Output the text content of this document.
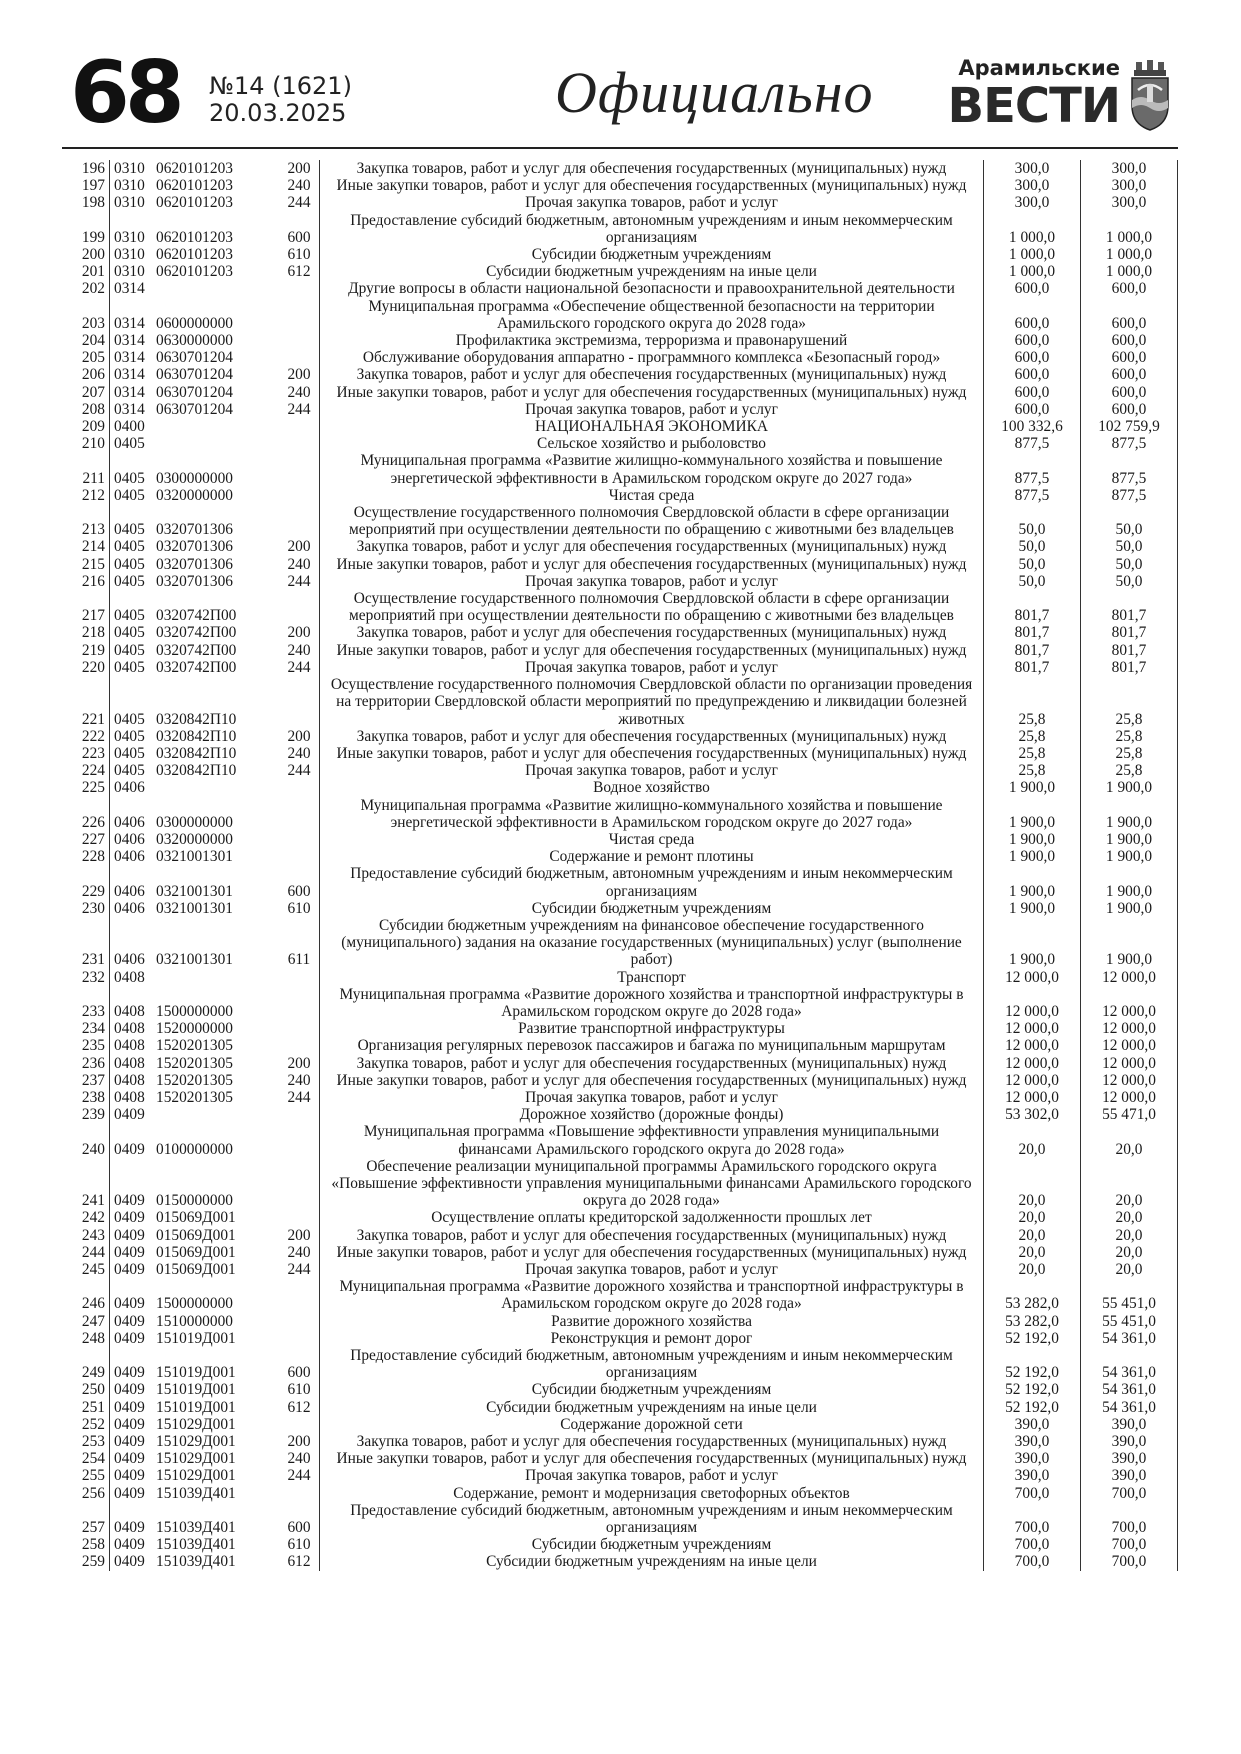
68 №14 (1621)
20.03.2025	Официально	Арамильские
ВЕСТИ
196	0310	0620101203	200	Закупка товаров, работ и услуг для обеспечения государственных (муниципальных) нужд	300,0	300,0
197	0310	0620101203	240	Иные закупки товаров, работ и услуг для обеспечения государственных (муниципальных) нужд	300,0	300,0
198	0310	0620101203	244	Прочая закупка товаров, работ и услуг	300,0	300,0
199	0310	0620101203	600	Предоставление субсидий бюджетным, автономным учреждениям и иным некоммерческим организациям	1 000,0	1 000,0
200	0310	0620101203	610	Субсидии бюджетным учреждениям	1 000,0	1 000,0
201	0310	0620101203	612	Субсидии бюджетным учреждениям на иные цели	1 000,0	1 000,0
202	0314			Другие вопросы в области национальной безопасности и правоохранительной деятельности	600,0	600,0
203	0314	0600000000		Муниципальная программа «Обеспечение общественной безопасности на территории Арамильского городского округа до 2028 года»	600,0	600,0
204	0314	0630000000		Профилактика экстремизма, терроризма и правонарушений	600,0	600,0
205	0314	0630701204		Обслуживание оборудования аппаратно - программного комплекса «Безопасный город»	600,0	600,0
206	0314	0630701204	200	Закупка товаров, работ и услуг для обеспечения государственных (муниципальных) нужд	600,0	600,0
207	0314	0630701204	240	Иные закупки товаров, работ и услуг для обеспечения государственных (муниципальных) нужд	600,0	600,0
208	0314	0630701204	244	Прочая закупка товаров, работ и услуг	600,0	600,0
209	0400			НАЦИОНАЛЬНАЯ ЭКОНОМИКА	100 332,6	102 759,9
210	0405			Сельское хозяйство и рыболовство	877,5	877,5
211	0405	0300000000		Муниципальная программа «Развитие жилищно-коммунального хозяйства и повышение энергетической эффективности в Арамильском городском округе до 2027 года»	877,5	877,5
212	0405	0320000000		Чистая среда	877,5	877,5
213	0405	0320701306		Осуществление государственного полномочия Свердловской области в сфере организации мероприятий при осуществлении деятельности по обращению с животными без владельцев	50,0	50,0
214	0405	0320701306	200	Закупка товаров, работ и услуг для обеспечения государственных (муниципальных) нужд	50,0	50,0
215	0405	0320701306	240	Иные закупки товаров, работ и услуг для обеспечения государственных (муниципальных) нужд	50,0	50,0
216	0405	0320701306	244	Прочая закупка товаров, работ и услуг	50,0	50,0
217	0405	0320742П00		Осуществление государственного полномочия Свердловской области в сфере организации мероприятий при осуществлении деятельности по обращению с животными без владельцев	801,7	801,7
218	0405	0320742П00	200	Закупка товаров, работ и услуг для обеспечения государственных (муниципальных) нужд	801,7	801,7
219	0405	0320742П00	240	Иные закупки товаров, работ и услуг для обеспечения государственных (муниципальных) нужд	801,7	801,7
220	0405	0320742П00	244	Прочая закупка товаров, работ и услуг	801,7	801,7
221	0405	0320842П10		Осуществление государственного полномочия Свердловской области по организации проведения на территории Свердловской области мероприятий по предупреждению и ликвидации болезней животных	25,8	25,8
222	0405	0320842П10	200	Закупка товаров, работ и услуг для обеспечения государственных (муниципальных) нужд	25,8	25,8
223	0405	0320842П10	240	Иные закупки товаров, работ и услуг для обеспечения государственных (муниципальных) нужд	25,8	25,8
224	0405	0320842П10	244	Прочая закупка товаров, работ и услуг	25,8	25,8
225	0406			Водное хозяйство	1 900,0	1 900,0
226	0406	0300000000		Муниципальная программа «Развитие жилищно-коммунального хозяйства и повышение энергетической эффективности в Арамильском городском округе до 2027 года»	1 900,0	1 900,0
227	0406	0320000000		Чистая среда	1 900,0	1 900,0
228	0406	0321001301		Содержание и ремонт плотины	1 900,0	1 900,0
229	0406	0321001301	600	Предоставление субсидий бюджетным, автономным учреждениям и иным некоммерческим организациям	1 900,0	1 900,0
230	0406	0321001301	610	Субсидии бюджетным учреждениям	1 900,0	1 900,0
231	0406	0321001301	611	Субсидии бюджетным учреждениям на финансовое обеспечение государственного (муниципального) задания на оказание государственных (муниципальных) услуг (выполнение работ)	1 900,0	1 900,0
232	0408			Транспорт	12 000,0	12 000,0
233	0408	1500000000		Муниципальная программа «Развитие дорожного хозяйства и транспортной инфраструктуры в Арамильском городском округе до 2028 года»	12 000,0	12 000,0
234	0408	1520000000		Развитие транспортной инфраструктуры	12 000,0	12 000,0
235	0408	1520201305		Организация регулярных перевозок пассажиров и багажа по муниципальным маршрутам	12 000,0	12 000,0
236	0408	1520201305	200	Закупка товаров, работ и услуг для обеспечения государственных (муниципальных) нужд	12 000,0	12 000,0
237	0408	1520201305	240	Иные закупки товаров, работ и услуг для обеспечения государственных (муниципальных) нужд	12 000,0	12 000,0
238	0408	1520201305	244	Прочая закупка товаров, работ и услуг	12 000,0	12 000,0
239	0409			Дорожное хозяйство (дорожные фонды)	53 302,0	55 471,0
240	0409	0100000000		Муниципальная программа «Повышение эффективности управления муниципальными финансами Арамильского городского округа до 2028 года»	20,0	20,0
241	0409	0150000000		Обеспечение реализации муниципальной программы Арамильского городского округа «Повышение эффективности управления муниципальными финансами Арамильского городского округа до 2028 года»	20,0	20,0
242	0409	015069Д001		Осуществление оплаты кредиторской задолженности прошлых лет	20,0	20,0
243	0409	015069Д001	200	Закупка товаров, работ и услуг для обеспечения государственных (муниципальных) нужд	20,0	20,0
244	0409	015069Д001	240	Иные закупки товаров, работ и услуг для обеспечения государственных (муниципальных) нужд	20,0	20,0
245	0409	015069Д001	244	Прочая закупка товаров, работ и услуг	20,0	20,0
246	0409	1500000000		Муниципальная программа «Развитие дорожного хозяйства и транспортной инфраструктуры в Арамильском городском округе до 2028 года»	53 282,0	55 451,0
247	0409	1510000000		Развитие дорожного хозяйства	53 282,0	55 451,0
248	0409	151019Д001		Реконструкция и ремонт дорог	52 192,0	54 361,0
249	0409	151019Д001	600	Предоставление субсидий бюджетным, автономным учреждениям и иным некоммерческим организациям	52 192,0	54 361,0
250	0409	151019Д001	610	Субсидии бюджетным учреждениям	52 192,0	54 361,0
251	0409	151019Д001	612	Субсидии бюджетным учреждениям на иные цели	52 192,0	54 361,0
252	0409	151029Д001		Содержание дорожной сети	390,0	390,0
253	0409	151029Д001	200	Закупка товаров, работ и услуг для обеспечения государственных (муниципальных) нужд	390,0	390,0
254	0409	151029Д001	240	Иные закупки товаров, работ и услуг для обеспечения государственных (муниципальных) нужд	390,0	390,0
255	0409	151029Д001	244	Прочая закупка товаров, работ и услуг	390,0	390,0
256	0409	151039Д401		Содержание, ремонт и модернизация светофорных объектов	700,0	700,0
257	0409	151039Д401	600	Предоставление субсидий бюджетным, автономным учреждениям и иным некоммерческим организациям	700,0	700,0
258	0409	151039Д401	610	Субсидии бюджетным учреждениям	700,0	700,0
259	0409	151039Д401	612	Субсидии бюджетным учреждениям на иные цели	700,0	700,0
